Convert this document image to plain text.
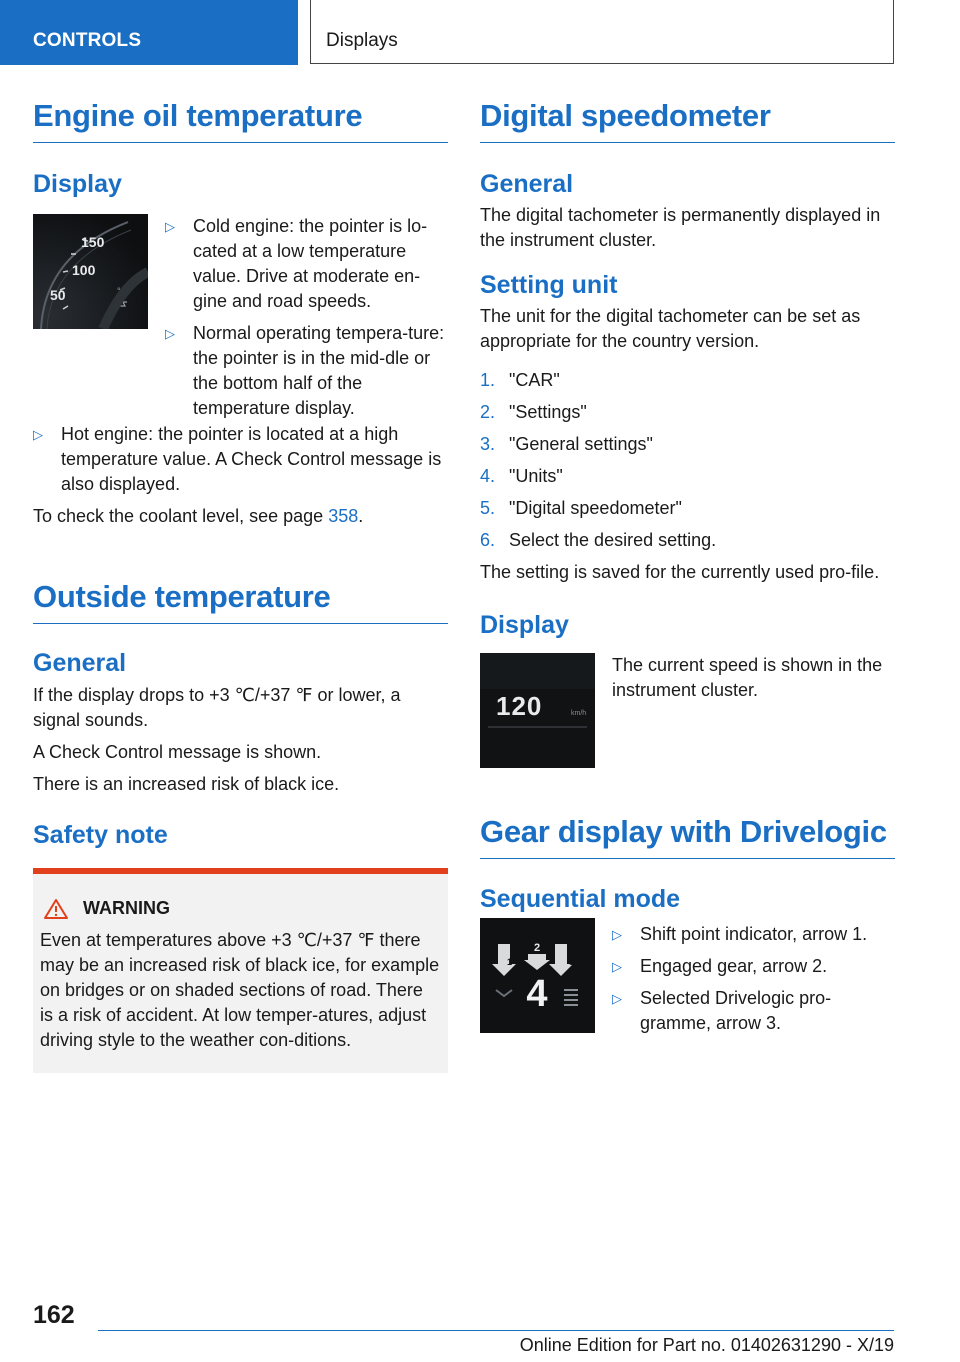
CONTROLS	Displays
Engine oil temperature
Display
150
100
50	°C
▷ Cold engine: the pointer is lo-cated at a low temperature value. Drive at moderate en-gine and road speeds.
▷ Normal operating tempera-ture: the pointer is in the mid-dle or the bottom half of the temperature display.
▷ Hot engine: the pointer is located at a high temperature value. A Check Control message is also displayed.

To check the coolant level, see page 358.

Outside temperature
General

If the display drops to +3 ℃/+37 ℉ or lower, a signal sounds.

A Check Control message is shown.

There is an increased risk of black ice.

Safety note
WARNING

Even at temperatures above +3 ℃/+37 ℉ there may be an increased risk of black ice, for example on bridges or on shaded sections of road. There is a risk of accident. At low temper-atures, adjust driving style to the weather con-ditions.

Digital speedometer
General

The digital tachometer is permanently displayed in the instrument cluster.

Setting unit

The unit for the digital tachometer can be set as appropriate for the country version.

1. "CAR"
2. "Settings"
3. "General settings"
4. "Units"
5. "Digital speedometer"
6. Select the desired setting.

The setting is saved for the currently used pro-file.

Display
120	km/h

The current speed is shown in the instrument cluster.

Gear display with Drivelogic
Sequential mode
2
1	3
4
▷ Shift point indicator, arrow 1.
▷ Engaged gear, arrow 2.
▷ Selected Drivelogic pro-gramme, arrow 3.
162
Online Edition for Part no. 01402631290 - X/19
